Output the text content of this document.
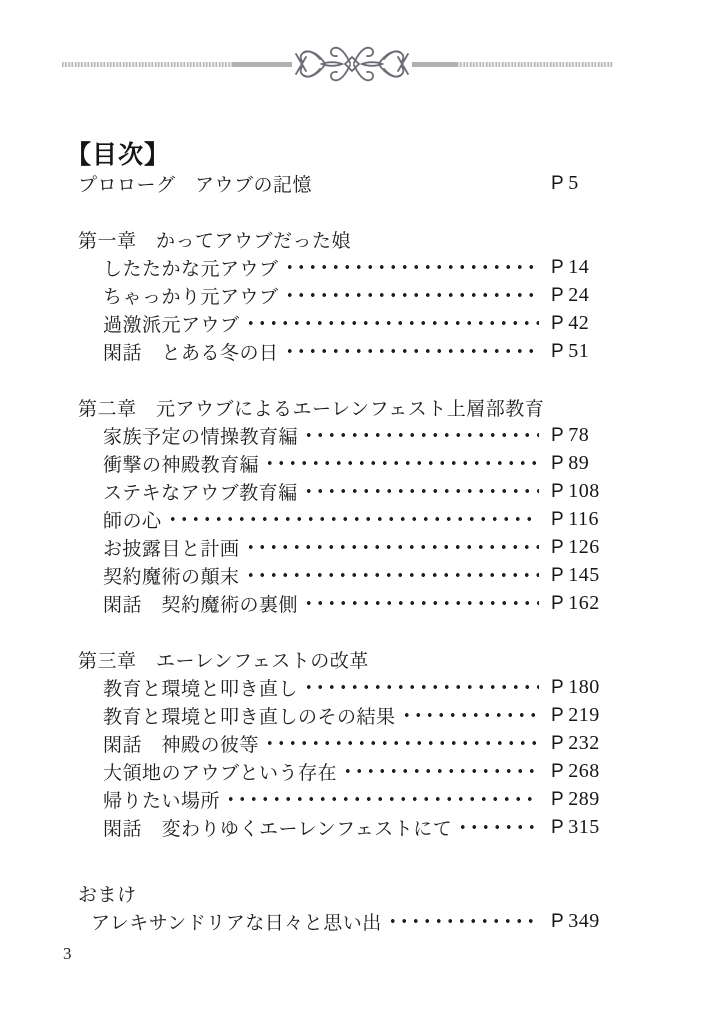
【目次】
プロローグ　アウブの記憶	P 5
第一章　かってアウブだった娘
したたかな元アウブ	P 14
ちゃっかり元アウブ	P 24
過激派元アウブ	P 42
閑話　とある冬の日	P 51
第二章　元アウブによるエーレンフェスト上層部教育
家族予定の情操教育編	P 78
衝撃の神殿教育編	P 89
ステキなアウブ教育編	P 108
師の心	P 116
お披露目と計画	P 126
契約魔術の顛末	P 145
閑話　契約魔術の裏側	P 162
第三章　エーレンフェストの改革
教育と環境と叩き直し	P 180
教育と環境と叩き直しのその結果	P 219
閑話　神殿の彼等	P 232
大領地のアウブという存在	P 268
帰りたい場所	P 289
閑話　変わりゆくエーレンフェストにて	P 315
おまけ
アレキサンドリアな日々と思い出	P 349
3
